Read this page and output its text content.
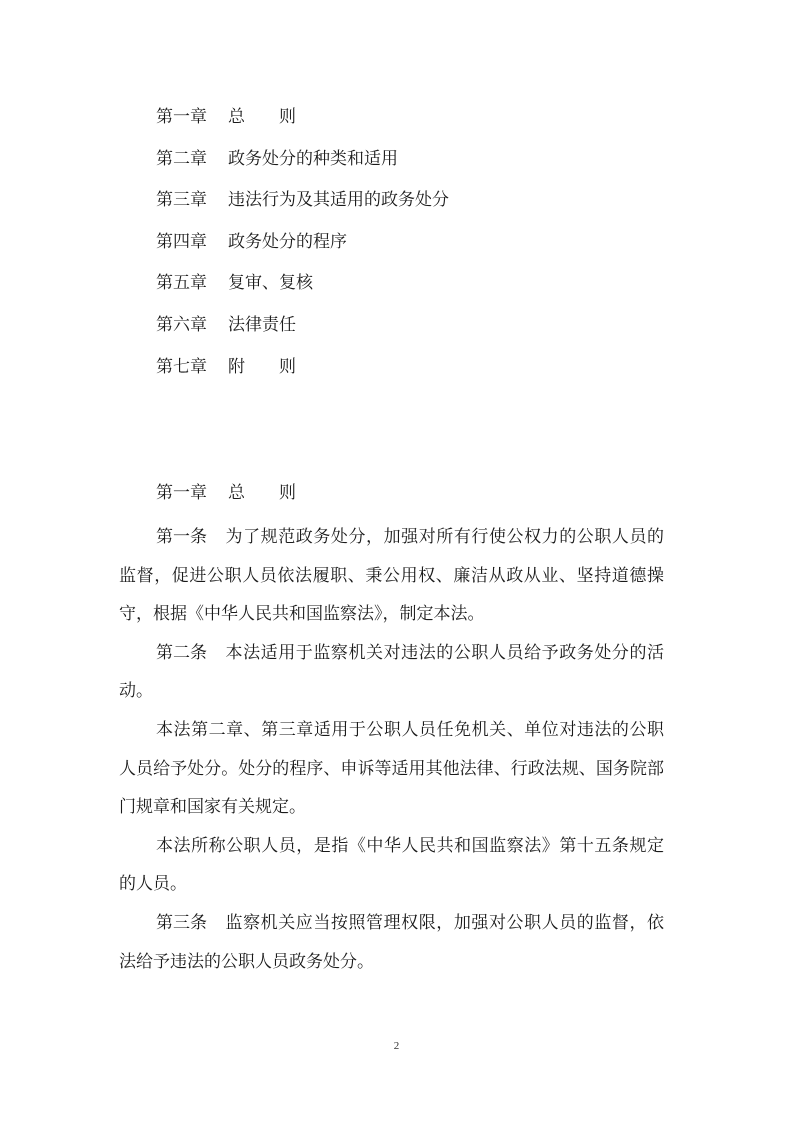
第一章 总　　则
第二章 政务处分的种类和适用
第三章 违法行为及其适用的政务处分
第四章 政务处分的程序
第五章 复审、复核
第六章 法律责任
第七章 附　　则
第一章 总　　则

第一条 为了规范政务处分，加强对所有行使公权力的公职人员的监督，促进公职人员依法履职、秉公用权、廉洁从政从业、坚持道德操守，根据《中华人民共和国监察法》，制定本法。

第二条 本法适用于监察机关对违法的公职人员给予政务处分的活动。

本法第二章、第三章适用于公职人员任免机关、单位对违法的公职人员给予处分。处分的程序、申诉等适用其他法律、行政法规、国务院部门规章和国家有关规定。

本法所称公职人员，是指《中华人民共和国监察法》第十五条规定的人员。

第三条 监察机关应当按照管理权限，加强对公职人员的监督，依法给予违法的公职人员政务处分。

2
